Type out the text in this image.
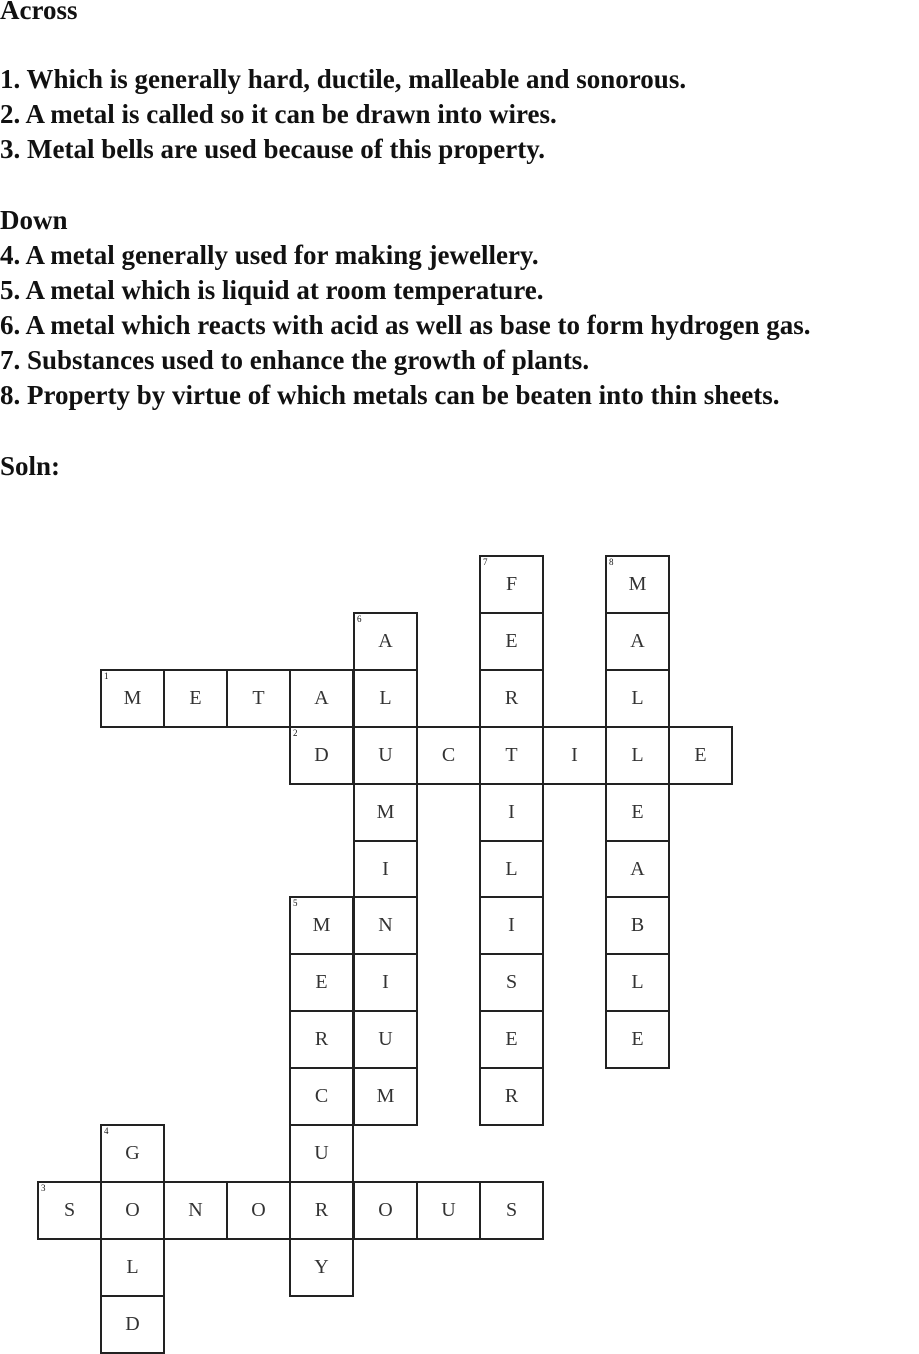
Across
1. Which is generally hard, ductile, malleable and sonorous.
2. A metal is called so it can be drawn into wires.
3. Metal bells are used because of this property.
Down
4. A metal generally used for making jewellery.
5. A metal which is liquid at room temperature.
6. A metal which reacts with acid as well as base to form hydrogen gas.
7. Substances used to enhance the growth of plants.
8. Property by virtue of which metals can be beaten into thin sheets.
Soln:
1
M	E	T	A	L
2
D	U	C	T	I	L	E
3
S	O	N	O	R	O	U	S
4
G
L
D
5
M
E
R
C
U
Y
6
A
M
I
N
I
U
M
7
F
E
R
I
L
I
S
E
R
8
M
A
L
E
A
B
L
E
